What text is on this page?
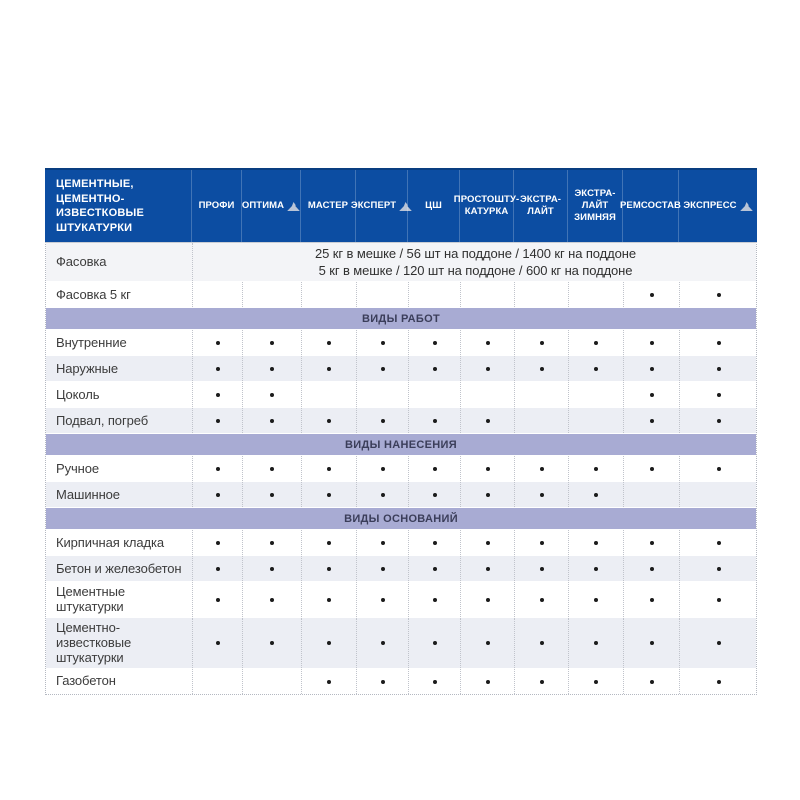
ЦЕМЕНТНЫЕ,
ЦЕМЕНТНО-ИЗВЕСТКОВЫЕ
ШТУКАТУРКИ
ПРОФИ ОПТИМА	МАСТЕР ЭКСПЕРТ	ЦШ
ПРОСТОШТУ-
КАТУРКА
ЭКСТРА-
ЛАЙТ
ЭКСТРА-
ЛАЙТ
ЗИМНЯЯ
РЕМСОСТАВ ЭКСПРЕСС
Фасовка
25 кг в мешке / 56 шт на поддоне / 1400 кг на поддоне
5 кг в мешке / 120 шт на поддоне / 600 кг на поддоне
Фасовка 5 кг
ВИДЫ РАБОТ
Внутренние
Наружные
Цоколь
Подвал, погреб
ВИДЫ НАНЕСЕНИЯ
Ручное
Машинное
ВИДЫ ОСНОВАНИЙ
Кирпичная кладка
Бетон и железобетон
Цементные штукатурки
Цементно-известковые штукатурки
Газобетон
